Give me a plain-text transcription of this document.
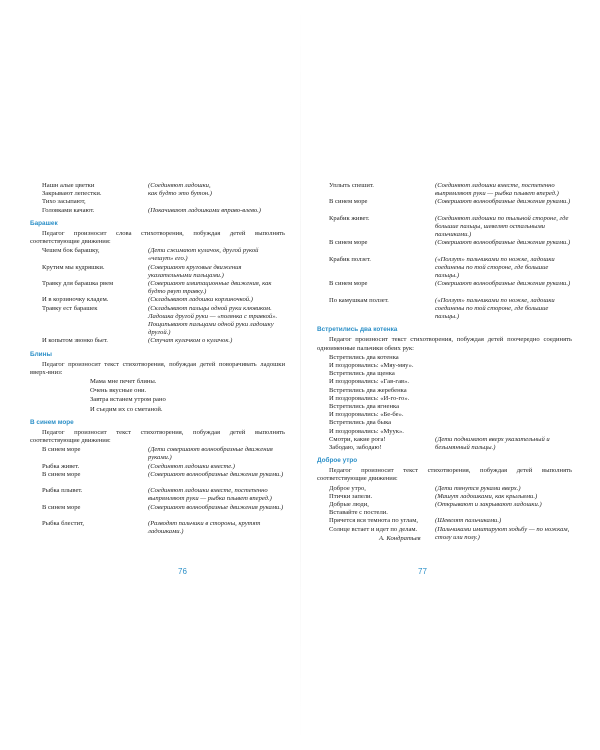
Нашн алые цветки	(Соединяют ладошки,
Закрывают лепестки.	как будто это бутон.)
Тихо засыпают,
Головками качают.	(Покачивают ладошками вправо-влево.)
Барашек
Педагог произносит слова стихотворения, побуждая детей выполнять соответствующие движения:
Чешем бок барашку,	(Дети сжимают кулачок, другой рукой «чешут» его.)
Крутим мы кудряшки.	(Совершают круговые движения указательными пальцами.)
Травку для барашка рвем	(Совершают имитационные движения, как будто рвут травку.)
И в корзиночку кладем.	(Складывают ладошки корзиночкой.)
Травку ест барашек	(Складывают пальцы одной руки клювиком. Ладошка другой руки — «полянка с травкой». Пощипывают пальцами одной руки ладошку другой.)
И копытом звонко бьет.	(Стучат кулачком о кулачок.)
Блины
Педагог произносит текст стихотворения, побуждая детей поворачивать ладошки вверх-вниз:
Мама мне печет блины.
Очень вкусные они.
Завтра встанем утром рано
И съедим их со сметаной.
В синем море
Педагог произносит текст стихотворения, побуждая детей выполнять соответствующие движения:
В синем море	(Дети совершают волнообразные движения руками.)
Рыбка живет.	(Соединяют ладошки вместе.)
В синем море	(Совершают волнообразные движения руками.)
Рыбка плывет.	(Соединяют ладошки вместе, постепенно выпрямляют руки — рыбка плывет вперед.)
В синем море	(Совершают волнообразные движения руками.)
Рыбка блестит,	(Разводят пальчики в стороны, крутят ладошками.)
76
Уплыть спешит.	(Соединяют ладошки вместе, постепенно выпрямляют руки — рыбка плывет вперед.)
В синем море	(Совершают волнообразные движения руками.)
Крабик живет.	(Соединяют ладошки по тыльной стороне, где большие пальцы, шевелят остальными пальчиками.)
В синем море	(Совершают волнообразные движения руками.)
Крабик ползет.	(«Ползут» пальчиками по ножке, ладошки соединены по той стороне, где большие пальцы.)
В синем море	(Совершают волнообразные движения руками.)
По камушкам ползет.	(«Ползут» пальчиками по ножке, ладошки соединены по той стороне, где большие пальцы.)
Встретились два котенка
Педагог произносит текст стихотворения, побуждая детей поочередно соединять одноименные пальчики обеих рук:
Встретились два котенка
И поздоровались: «Мяу-мяу».
Встретились два щенка
И поздоровались: «Гав-гав».
Встретились два жеребенка
И поздоровались: «И-го-го».
Встретились два ягненка
И поздоровались: «Бе-бе».
Встретились два быка
И поздоровались: «Муук».
Смотри, какие рога!	(Дети поднимают вверх указательный и безымянный пальцы.)
Забодаю, забодаю!
Доброе утро
Педагог произносит текст стихотворения, побуждая детей выполнять соответствующие движения:
Доброе утро,	(Дети тянутся руками вверх.)
Птички запели.	(Машут ладошками, как крыльями.)
Добрые люди,	(Открывают и закрывают ладошки.)
Вставайте с постели.
Прячется вся темнота по углам,	(Шевелят пальчиками.)
Солнце встает и идет по делам.	(Пальчиками имитируют ходьбу — по ножкам, столу или полу.)
А. Кондратьев
77
